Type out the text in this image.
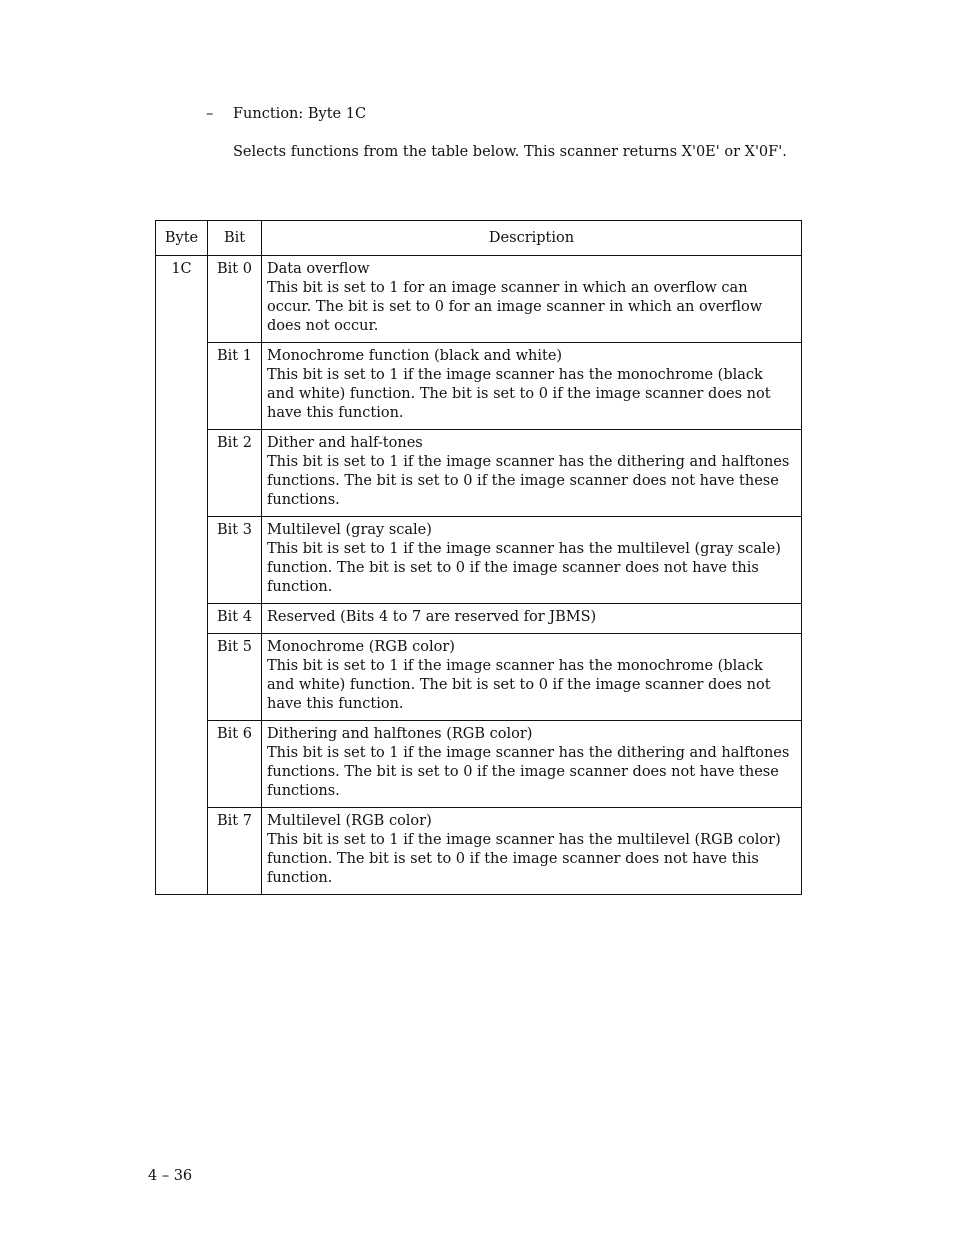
– Function: Byte 1C
Selects functions from the table below. This scanner returns X'0E' or X'0F'.
Byte	Bit	Description

1C	Bit 0	Data overflow
This bit is set to 1 for an image scanner in which an overflow can occur. The bit is set to 0 for an image scanner in which an overflow does not occur.

	Bit 1	Monochrome function (black and white)
This bit is set to 1 if the image scanner has the monochrome (black and white) function. The bit is set to 0 if the image scanner does not have this function.

	Bit 2	Dither and half-tones
This bit is set to 1 if the image scanner has the dithering and halftones functions. The bit is set to 0 if the image scanner does not have these functions.

	Bit 3	Multilevel (gray scale)
This bit is set to 1 if the image scanner has the multilevel (gray scale) function. The bit is set to 0 if the image scanner does not have this function.

	Bit 4	Reserved (Bits 4 to 7 are reserved for JBMS)

	Bit 5	Monochrome (RGB color)
This bit is set to 1 if the image scanner has the monochrome (black and white) function. The bit is set to 0 if the image scanner does not have this function.

	Bit 6	Dithering and halftones (RGB color)
This bit is set to 1 if the image scanner has the dithering and halftones functions. The bit is set to 0 if the image scanner does not have these functions.

	Bit 7	Multilevel (RGB color)
This bit is set to 1 if the image scanner has the multilevel (RGB color) function. The bit is set to 0 if the image scanner does not have this function.
4 – 36
